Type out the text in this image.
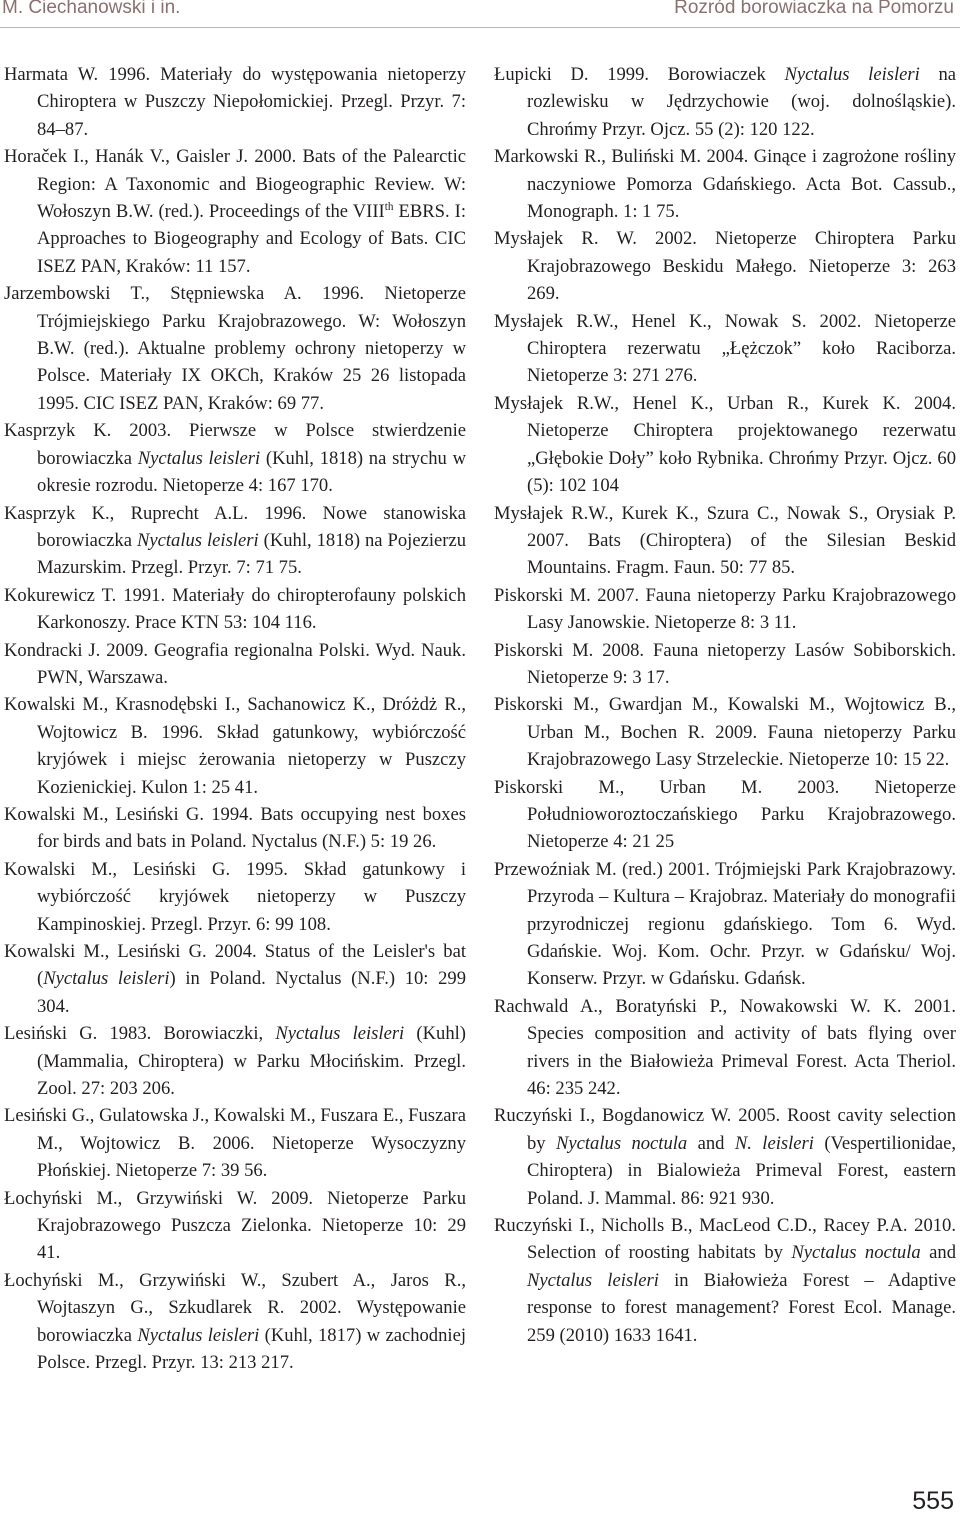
M. Ciechanowski i in.	Rozród borowiaczka na Pomorzu

Harmata W. 1996. Materiały do występowania nietoperzy Chiroptera w Puszczy Niepołomickiej. Przegl. Przyr. 7: 84–87.

Horaček I., Hanák V., Gaisler J. 2000. Bats of the Palearctic Region: A Taxonomic and Biogeographic Review. W: Wołoszyn B.W. (red.). Proceedings of the VIIIth EBRS. I: Approaches to Biogeography and Ecology of Bats. CIC ISEZ PAN, Kraków: 11 157.

Jarzembowski T., Stępniewska A. 1996. Nietoperze Trójmiejskiego Parku Krajobrazowego. W: Wołoszyn B.W. (red.). Aktualne problemy ochrony nietoperzy w Polsce. Materiały IX OKCh, Kraków 25 26 listopada 1995. CIC ISEZ PAN, Kraków: 69 77.

Kasprzyk K. 2003. Pierwsze w Polsce stwierdzenie borowiaczka Nyctalus leisleri (Kuhl, 1818) na strychu w okresie rozrodu. Nietoperze 4: 167 170.

Kasprzyk K., Ruprecht A.L. 1996. Nowe stanowiska borowiaczka Nyctalus leisleri (Kuhl, 1818) na Pojezierzu Mazurskim. Przegl. Przyr. 7: 71 75.

Kokurewicz T. 1991. Materiały do chiropterofauny polskich Karkonoszy. Prace KTN 53: 104 116.

Kondracki J. 2009. Geografia regionalna Polski. Wyd. Nauk. PWN, Warszawa.

Kowalski M., Krasnodębski I., Sachanowicz K., Dróżdż R., Wojtowicz B. 1996. Skład gatunkowy, wybiórczość kryjówek i miejsc żerowania nietoperzy w Puszczy Kozienickiej. Kulon 1: 25 41.

Kowalski M., Lesiński G. 1994. Bats occupying nest boxes for birds and bats in Poland. Nyctalus (N.F.) 5: 19 26.

Kowalski M., Lesiński G. 1995. Skład gatunkowy i wybiórczość kryjówek nietoperzy w Puszczy Kampinoskiej. Przegl. Przyr. 6: 99 108.

Kowalski M., Lesiński G. 2004. Status of the Leisler's bat (Nyctalus leisleri) in Poland. Nyctalus (N.F.) 10: 299 304.

Lesiński G. 1983. Borowiaczki, Nyctalus leisleri (Kuhl) (Mammalia, Chiroptera) w Parku Młocińskim. Przegl. Zool. 27: 203 206.

Lesiński G., Gulatowska J., Kowalski M., Fuszara E., Fuszara M., Wojtowicz B. 2006. Nietoperze Wysoczyzny Płońskiej. Nietoperze 7: 39 56.

Łochyński M., Grzywiński W. 2009. Nietoperze Parku Krajobrazowego Puszcza Zielonka. Nietoperze 10: 29 41.

Łochyński M., Grzywiński W., Szubert A., Jaros R., Wojtaszyn G., Szkudlarek R. 2002. Występowanie borowiaczka Nyctalus leisleri (Kuhl, 1817) w zachodniej Polsce. Przegl. Przyr. 13: 213 217.

Łupicki D. 1999. Borowiaczek Nyctalus leisleri na rozlewisku w Jędrzychowie (woj. dolnośląskie). Chrońmy Przyr. Ojcz. 55 (2): 120 122.

Markowski R., Buliński M. 2004. Ginące i zagrożone rośliny naczyniowe Pomorza Gdańskiego. Acta Bot. Cassub., Monograph. 1: 1 75.

Mysłajek R. W. 2002. Nietoperze Chiroptera Parku Krajobrazowego Beskidu Małego. Nietoperze 3: 263 269.

Mysłajek R.W., Henel K., Nowak S. 2002. Nietoperze Chiroptera rezerwatu „Łężczok” koło Raciborza. Nietoperze 3: 271 276.

Mysłajek R.W., Henel K., Urban R., Kurek K. 2004. Nietoperze Chiroptera projektowanego rezerwatu „Głębokie Doły” koło Rybnika. Chrońmy Przyr. Ojcz. 60 (5): 102 104

Mysłajek R.W., Kurek K., Szura C., Nowak S., Orysiak P. 2007. Bats (Chiroptera) of the Silesian Beskid Mountains. Fragm. Faun. 50: 77 85.

Piskorski M. 2007. Fauna nietoperzy Parku Krajobrazowego Lasy Janowskie. Nietoperze 8: 3 11.

Piskorski M. 2008. Fauna nietoperzy Lasów Sobiborskich. Nietoperze 9: 3 17.

Piskorski M., Gwardjan M., Kowalski M., Wojtowicz B., Urban M., Bochen R. 2009. Fauna nietoperzy Parku Krajobrazowego Lasy Strzeleckie. Nietoperze 10: 15 22.

Piskorski M., Urban M. 2003. Nietoperze Południoworoztoczańskiego Parku Krajobrazowego. Nietoperze 4: 21 25

Przewoźniak M. (red.) 2001. Trójmiejski Park Krajobrazowy. Przyroda – Kultura – Krajobraz. Materiały do monografii przyrodniczej regionu gdańskiego. Tom 6. Wyd. Gdańskie. Woj. Kom. Ochr. Przyr. w Gdańsku/ Woj. Konserw. Przyr. w Gdańsku. Gdańsk.

Rachwald A., Boratyński P., Nowakowski W. K. 2001. Species composition and activity of bats flying over rivers in the Białowieża Primeval Forest. Acta Theriol. 46: 235 242.

Ruczyński I., Bogdanowicz W. 2005. Roost cavity selection by Nyctalus noctula and N. leisleri (Vespertilionidae, Chiroptera) in Bialowieża Primeval Forest, eastern Poland. J. Mammal. 86: 921 930.

Ruczyński I., Nicholls B., MacLeod C.D., Racey P.A. 2010. Selection of roosting habitats by Nyctalus noctula and Nyctalus leisleri in Białowieża Forest – Adaptive response to forest management? Forest Ecol. Manage. 259 (2010) 1633 1641.

555
